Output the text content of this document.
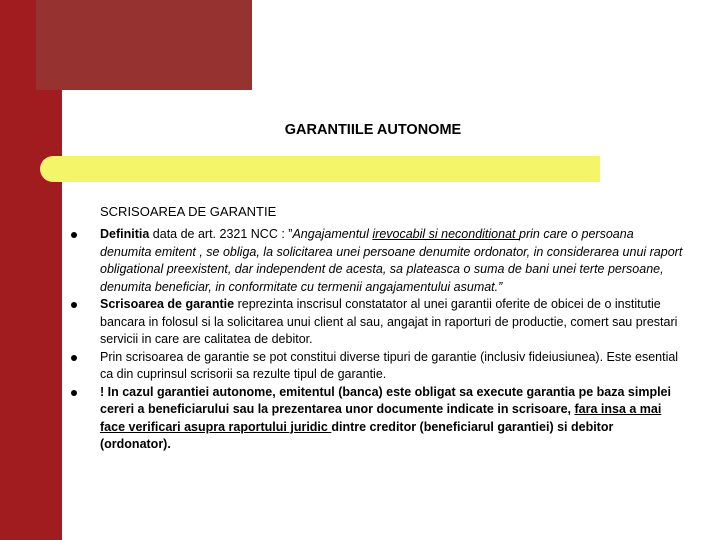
GARANTIILE AUTONOME
SCRISOAREA DE GARANTIE
Definitia data de art. 2321 NCC : ”Angajamentul irevocabil si neconditionat prin care o persoana denumita emitent , se obliga, la solicitarea unei persoane denumite ordonator, in considerarea unui raport obligational preexistent, dar independent de acesta, sa plateasca o suma de bani unei terte persoane, denumita beneficiar, in conformitate cu termenii angajamentului asumat.”
Scrisoarea de garantie reprezinta inscrisul constatator al unei garantii oferite de obicei de o institutie bancara in folosul si la solicitarea unui client al sau, angajat in raporturi de productie, comert sau prestari servicii in care are calitatea de debitor.
Prin scrisoarea de garantie se pot constitui diverse tipuri de garantie (inclusiv fideiusiunea). Este esential ca din cuprinsul scrisorii sa rezulte tipul de garantie.
! In cazul garantiei autonome, emitentul (banca) este obligat sa execute garantia pe baza simplei cereri a beneficiarului sau la prezentarea unor documente indicate in scrisoare, fara insa a mai face verificari asupra raportului juridic dintre creditor (beneficiarul garantiei) si debitor (ordonator).
